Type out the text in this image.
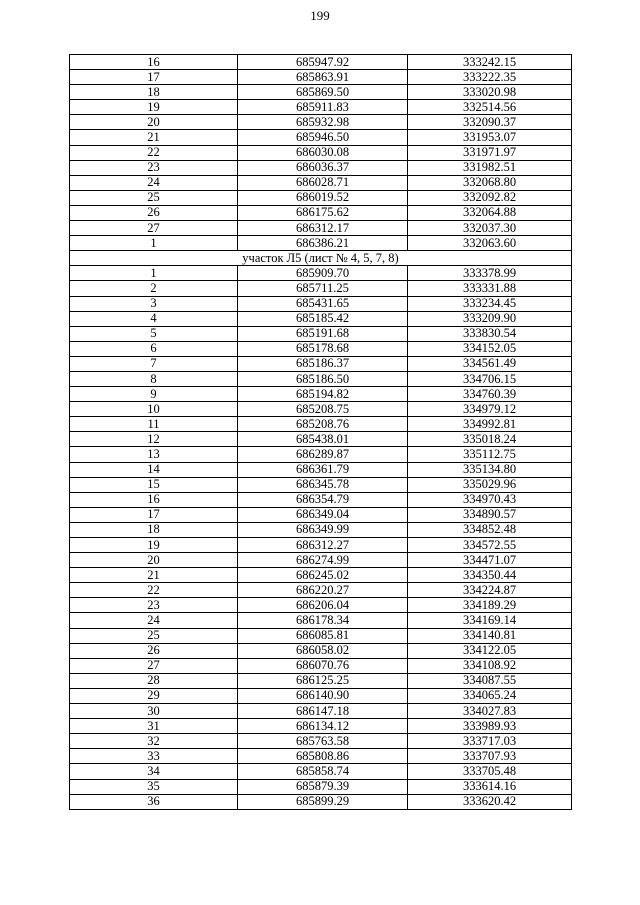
199
16	685947.92	333242.15
17	685863.91	333222.35
18	685869.50	333020.98
19	685911.83	332514.56
20	685932.98	332090.37
21	685946.50	331953.07
22	686030.08	331971.97
23	686036.37	331982.51
24	686028.71	332068.80
25	686019.52	332092.82
26	686175.62	332064.88
27	686312.17	332037.30
1	686386.21	332063.60
участок Л5 (лист № 4, 5, 7, 8)		
1	685909.70	333378.99
2	685711.25	333331.88
3	685431.65	333234.45
4	685185.42	333209.90
5	685191.68	333830.54
6	685178.68	334152.05
7	685186.37	334561.49
8	685186.50	334706.15
9	685194.82	334760.39
10	685208.75	334979.12
11	685208.76	334992.81
12	685438.01	335018.24
13	686289.87	335112.75
14	686361.79	335134.80
15	686345.78	335029.96
16	686354.79	334970.43
17	686349.04	334890.57
18	686349.99	334852.48
19	686312.27	334572.55
20	686274.99	334471.07
21	686245.02	334350.44
22	686220.27	334224.87
23	686206.04	334189.29
24	686178.34	334169.14
25	686085.81	334140.81
26	686058.02	334122.05
27	686070.76	334108.92
28	686125.25	334087.55
29	686140.90	334065.24
30	686147.18	334027.83
31	686134.12	333989.93
32	685763.58	333717.03
33	685808.86	333707.93
34	685858.74	333705.48
35	685879.39	333614.16
36	685899.29	333620.42
